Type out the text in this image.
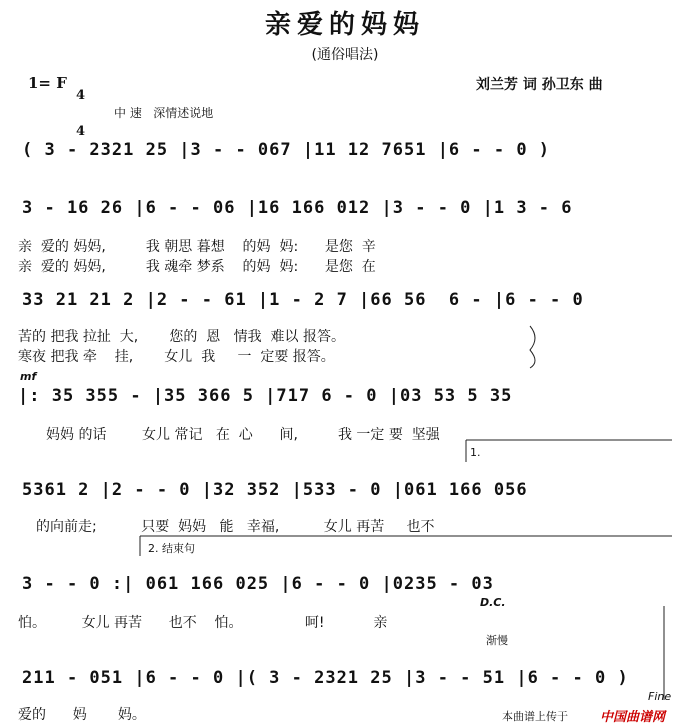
亲爱的妈妈
(通俗唱法)
1= F

4

4

刘兰芳 词 孙卫东 曲
中 速   深情述说地
( 3 - 2321 25 |3 - - 067 |11 12 7651 |6 - - 0 )
3 - 16 26 |6 - - 06 |16 166 012 |3 - - 0 |1 3 - 6
亲  爱的 妈妈,         我 朝思 暮想    的妈  妈:      是您  辛
亲  爱的 妈妈,         我 魂牵 梦系    的妈  妈:      是您  在
33 21 21 2 |2 - - 61 |1 - 2 7 |66 56  6 - |6 - - 0
苦的 把我 拉扯  大,       您的  恩   情我  难以 报答。
寒夜 把我 牵    挂,       女儿  我     一  定要 报答。
mf
|: 35 355 - |35 366 5 |717 6 - 0 |03 53 5 35
妈妈 的话        女儿 常记   在  心      间,         我 一定 要  坚强
1.
5361 2 |2 - - 0 |32 352 |533 - 0 |061 166 056
的向前走;          只要  妈妈   能   幸福,          女儿 再苦     也不
2. 结束句
3 - - 0 :| 061 166 025 |6 - - 0 |0235 - 03
怕。        女儿 再苦      也不    怕。              呵!           亲
D.C.
渐慢
211 - 051 |6 - - 0 |( 3 - 2321 25 |3 - - 51 |6 - - 0 )
爱的      妈       妈。
Fine
本曲谱上传于 中国曲谱网
